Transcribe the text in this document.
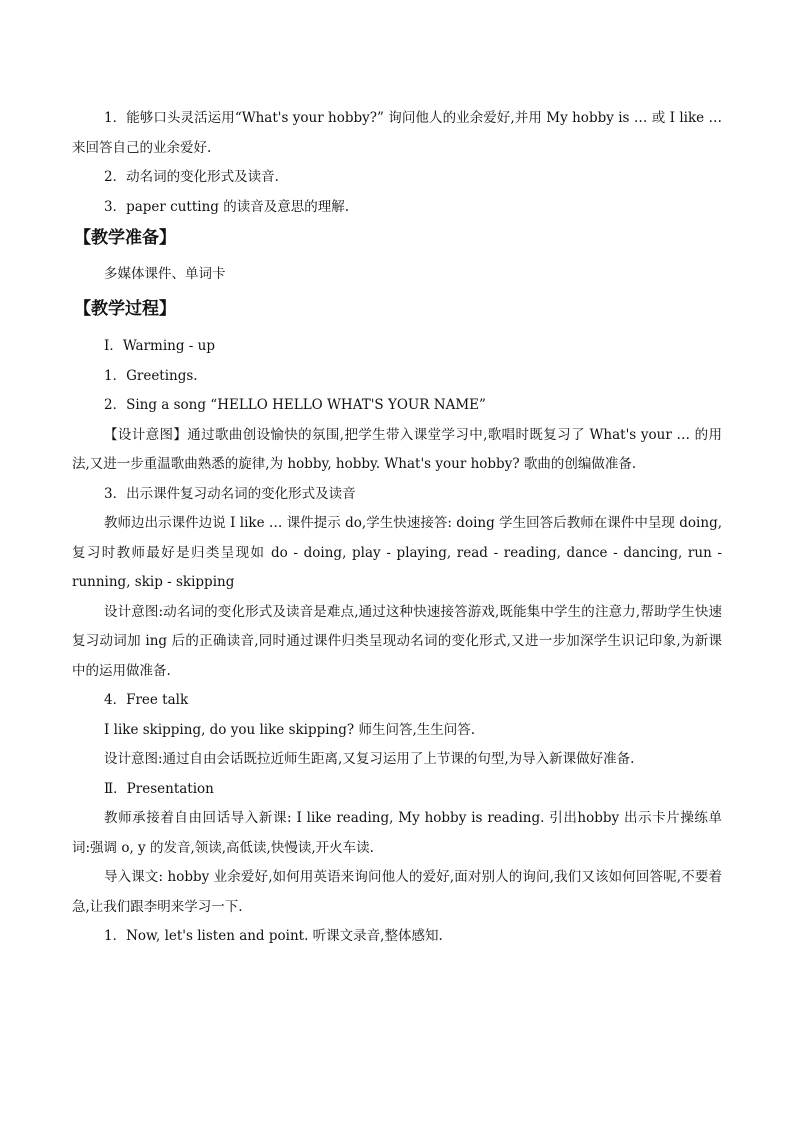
1．能够口头灵活运用“What's your hobby?” 询问他人的业余爱好,并用 My hobby is … 或 I like …来回答自己的业余爱好.

2．动名词的变化形式及读音.

3．paper cutting 的读音及意思的理解.

【教学准备】

多媒体课件、单词卡

【教学过程】

Ⅰ．Warming - up

1．Greetings.

2．Sing a song “HELLO HELLO WHAT'S YOUR NAME”

【设计意图】通过歌曲创设愉快的氛围,把学生带入课堂学习中,歌唱时既复习了 What's your … 的用法,又进一步重温歌曲熟悉的旋律,为 hobby, hobby. What's your hobby? 歌曲的创编做准备.

3．出示课件复习动名词的变化形式及读音

教师边出示课件边说 I like … 课件提示 do,学生快速接答: doing 学生回答后教师在课件中呈现 doing, 复习时教师最好是归类呈现如 do - doing, play - playing, read - reading, dance - dancing, run - running, skip - skipping

设计意图:动名词的变化形式及读音是难点,通过这种快速接答游戏,既能集中学生的注意力,帮助学生快速复习动词加 ing 后的正确读音,同时通过课件归类呈现动名词的变化形式,又进一步加深学生识记印象,为新课中的运用做准备.

4．Free talk

I like skipping, do you like skipping? 师生问答,生生问答.

设计意图:通过自由会话既拉近师生距离,又复习运用了上节课的句型,为导入新课做好准备.

Ⅱ．Presentation

教师承接着自由回话导入新课: I like reading, My hobby is reading. 引出hobby 出示卡片操练单词:强调 o, y 的发音,领读,高低读,快慢读,开火车读.

导入课文: hobby 业余爱好,如何用英语来询问他人的爱好,面对别人的询问,我们又该如何回答呢,不要着急,让我们跟李明来学习一下.

1．Now, let's listen and point. 听课文录音,整体感知.
